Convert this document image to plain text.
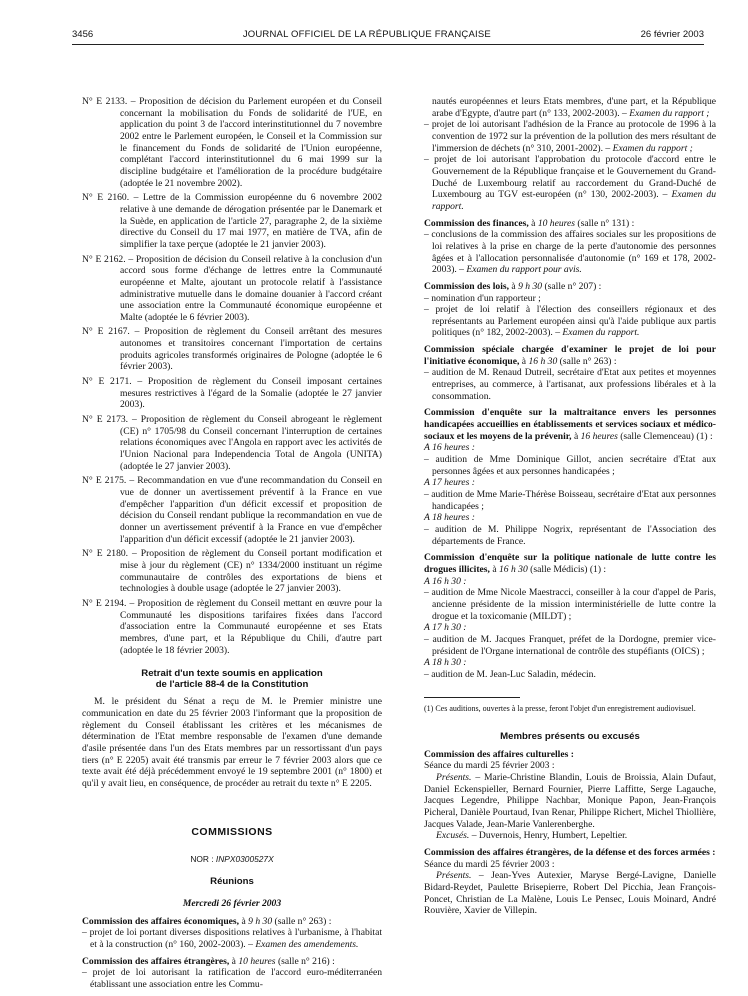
3456	JOURNAL OFFICIEL DE LA RÉPUBLIQUE FRANÇAISE	26 février 2003

N° E 2133. – Proposition de décision du Parlement européen et du Conseil concernant la mobilisation du Fonds de solidarité de l'UE, en application du point 3 de l'accord interinstitutionnel du 7 novembre 2002 entre le Parlement européen, le Conseil et la Commission sur le financement du Fonds de solidarité de l'Union européenne, complétant l'accord interinstitutionnel du 6 mai 1999 sur la discipline budgétaire et l'amélioration de la procédure budgétaire (adoptée le 21 novembre 2002).

N° E 2160. – Lettre de la Commission européenne du 6 novembre 2002 relative à une demande de dérogation présentée par le Danemark et la Suède, en application de l'article 27, paragraphe 2, de la sixième directive du Conseil du 17 mai 1977, en matière de TVA, afin de simplifier la taxe perçue (adoptée le 21 janvier 2003).

N° E 2162. – Proposition de décision du Conseil relative à la conclusion d'un accord sous forme d'échange de lettres entre la Communauté européenne et Malte, ajoutant un protocole relatif à l'assistance administrative mutuelle dans le domaine douanier à l'accord créant une association entre la Communauté économique européenne et Malte (adoptée le 6 février 2003).

N° E 2167. – Proposition de règlement du Conseil arrêtant des mesures autonomes et transitoires concernant l'importation de certains produits agricoles transformés originaires de Pologne (adoptée le 6 février 2003).

N° E 2171. – Proposition de règlement du Conseil imposant certaines mesures restrictives à l'égard de la Somalie (adoptée le 27 janvier 2003).

N° E 2173. – Proposition de règlement du Conseil abrogeant le règlement (CE) n° 1705/98 du Conseil concernant l'interruption de certaines relations économiques avec l'Angola en rapport avec les activités de l'Union Nacional para Independencia Total de Angola (UNITA) (adoptée le 27 janvier 2003).

N° E 2175. – Recommandation en vue d'une recommandation du Conseil en vue de donner un avertissement préventif à la France en vue d'empêcher l'apparition d'un déficit excessif et proposition de décision du Conseil rendant publique la recommandation en vue de donner un avertissement préventif à la France en vue d'empêcher l'apparition d'un déficit excessif (adoptée le 21 janvier 2003).

N° E 2180. – Proposition de règlement du Conseil portant modification et mise à jour du règlement (CE) n° 1334/2000 instituant un régime communautaire de contrôles des exportations de biens et technologies à double usage (adoptée le 27 janvier 2003).

N° E 2194. – Proposition de règlement du Conseil mettant en œuvre pour la Communauté les dispositions tarifaires fixées dans l'accord d'association entre la Communauté européenne et ses Etats membres, d'une part, et la République du Chili, d'autre part (adoptée le 18 février 2003).

Retrait d'un texte soumis en application
de l'article 88-4 de la Constitution

M. le président du Sénat a reçu de M. le Premier ministre une communication en date du 25 février 2003 l'informant que la proposition de règlement du Conseil établissant les critères et les mécanismes de détermination de l'Etat membre responsable de l'examen d'une demande d'asile présentée dans l'un des Etats membres par un ressortissant d'un pays tiers (n° E 2205) avait été transmis par erreur le 7 février 2003 alors que ce texte avait été déjà précédemment envoyé le 19 septembre 2001 (n° 1800) et qu'il y avait lieu, en conséquence, de procéder au retrait du texte n° E 2205.

COMMISSIONS
NOR : INPX0300527X
Réunions
Mercredi 26 février 2003

Commission des affaires économiques, à 9 h 30 (salle n° 263) :

– projet de loi portant diverses dispositions relatives à l'urbanisme, à l'habitat et à la construction (n° 160, 2002-2003). – Examen des amendements.

Commission des affaires étrangères, à 10 heures (salle n° 216) :

– projet de loi autorisant la ratification de l'accord euro-méditerranéen établissant une association entre les Commu-

nautés européennes et leurs Etats membres, d'une part, et la République arabe d'Egypte, d'autre part (n° 133, 2002-2003). – Examen du rapport ;

– projet de loi autorisant l'adhésion de la France au protocole de 1996 à la convention de 1972 sur la prévention de la pollution des mers résultant de l'immersion de déchets (n° 310, 2001-2002). – Examen du rapport ;

– projet de loi autorisant l'approbation du protocole d'accord entre le Gouvernement de la République française et le Gouvernement du Grand-Duché de Luxembourg relatif au raccordement du Grand-Duché de Luxembourg au TGV est-européen (n° 130, 2002-2003). – Examen du rapport.

Commission des finances, à 10 heures (salle n° 131) :

– conclusions de la commission des affaires sociales sur les propositions de loi relatives à la prise en charge de la perte d'autonomie des personnes âgées et à l'allocation personnalisée d'autonomie (n° 169 et 178, 2002-2003). – Examen du rapport pour avis.

Commission des lois, à 9 h 30 (salle n° 207) :

– nomination d'un rapporteur ;

– projet de loi relatif à l'élection des conseillers régionaux et des représentants au Parlement européen ainsi qu'à l'aide publique aux partis politiques (n° 182, 2002-2003). – Examen du rapport.

Commission spéciale chargée d'examiner le projet de loi pour l'initiative économique, à 16 h 30 (salle n° 263) :

– audition de M. Renaud Dutreil, secrétaire d'Etat aux petites et moyennes entreprises, au commerce, à l'artisanat, aux professions libérales et à la consommation.

Commission d'enquête sur la maltraitance envers les personnes handicapées accueillies en établissements et services sociaux et médico-sociaux et les moyens de la prévenir, à 16 heures (salle Clemenceau) (1) :

A 16 heures :

– audition de Mme Dominique Gillot, ancien secrétaire d'Etat aux personnes âgées et aux personnes handicapées ;

A 17 heures :

– audition de Mme Marie-Thérèse Boisseau, secrétaire d'Etat aux personnes handicapées ;

A 18 heures :

– audition de M. Philippe Nogrix, représentant de l'Association des départements de France.

Commission d'enquête sur la politique nationale de lutte contre les drogues illicites, à 16 h 30 (salle Médicis) (1) :

A 16 h 30 :

– audition de Mme Nicole Maestracci, conseiller à la cour d'appel de Paris, ancienne présidente de la mission interministérielle de lutte contre la drogue et la toxicomanie (MILDT) ;

A 17 h 30 :

– audition de M. Jacques Franquet, préfet de la Dordogne, premier vice-président de l'Organe international de contrôle des stupéfiants (OICS) ;

A 18 h 30 :

– audition de M. Jean-Luc Saladin, médecin.

(1) Ces auditions, ouvertes à la presse, feront l'objet d'un enregistrement audiovisuel.

Membres présents ou excusés

Commission des affaires culturelles :

Séance du mardi 25 février 2003 :

Présents. – Marie-Christine Blandin, Louis de Broissia, Alain Dufaut, Daniel Eckenspieller, Bernard Fournier, Pierre Laffitte, Serge Lagauche, Jacques Legendre, Philippe Nachbar, Monique Papon, Jean-François Picheral, Danièle Pourtaud, Ivan Renar, Philippe Richert, Michel Thiollière, Jacques Valade, Jean-Marie Vanlerenberghe.

Excusés. – Duvernois, Henry, Humbert, Lepeltier.

Commission des affaires étrangères, de la défense et des forces armées :

Séance du mardi 25 février 2003 :

Présents. – Jean-Yves Autexier, Maryse Bergé-Lavigne, Danielle Bidard-Reydet, Paulette Brisepierre, Robert Del Picchia, Jean François-Poncet, Christian de La Malène, Louis Le Pensec, Louis Moinard, André Rouvière, Xavier de Villepin.
